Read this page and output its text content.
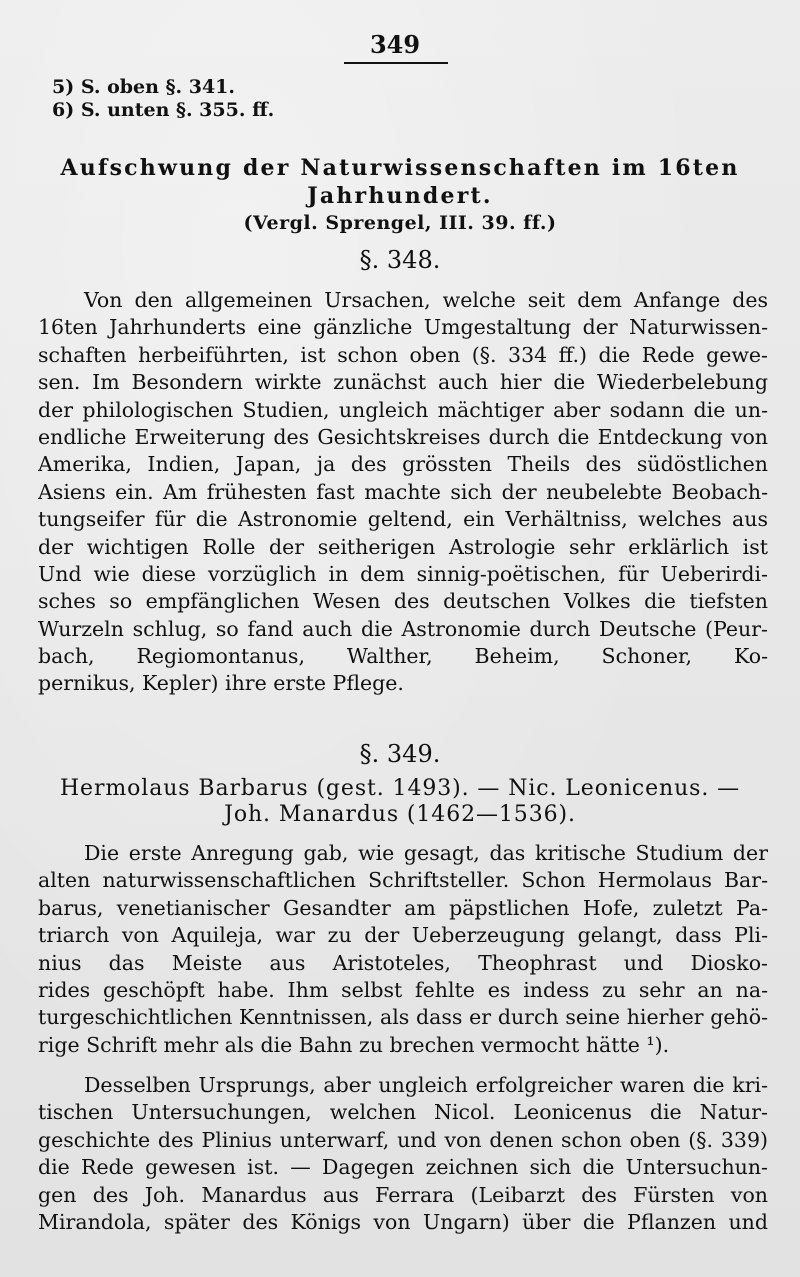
349
5) S. oben §. 341.
6) S. unten §. 355. ff.
Aufschwung der Naturwissenschaften im 16ten
Jahrhundert.
(Vergl. Sprengel, III. 39. ff.)
§. 348.
Von den allgemeinen Ursachen, welche seit dem Anfange des
16ten Jahrhunderts eine gänzliche Umgestaltung der Naturwissen-
schaften herbeiführten, ist schon oben (§. 334 ff.) die Rede gewe-
sen. Im Besondern wirkte zunächst auch hier die Wiederbelebung
der philologischen Studien, ungleich mächtiger aber sodann die un-
endliche Erweiterung des Gesichtskreises durch die Entdeckung von
Amerika, Indien, Japan, ja des grössten Theils des südöstlichen
Asiens ein. Am frühesten fast machte sich der neubelebte Beobach-
tungseifer für die Astronomie geltend, ein Verhältniss, welches aus
der wichtigen Rolle der seitherigen Astrologie sehr erklärlich ist
Und wie diese vorzüglich in dem sinnig-poëtischen, für Ueberirdi-
sches so empfänglichen Wesen des deutschen Volkes die tiefsten
Wurzeln schlug, so fand auch die Astronomie durch Deutsche (Peur-
bach, Regiomontanus, Walther, Beheim, Schoner, Ko-
pernikus, Kepler) ihre erste Pflege.
§. 349.
Hermolaus Barbarus (gest. 1493). — Nic. Leonicenus. —
Joh. Manardus (1462—1536).
Die erste Anregung gab, wie gesagt, das kritische Studium der
alten naturwissenschaftlichen Schriftsteller. Schon Hermolaus Bar-
barus, venetianischer Gesandter am päpstlichen Hofe, zuletzt Pa-
triarch von Aquileja, war zu der Ueberzeugung gelangt, dass Pli-
nius das Meiste aus Aristoteles, Theophrast und Diosko-
rides geschöpft habe. Ihm selbst fehlte es indess zu sehr an na-
turgeschichtlichen Kenntnissen, als dass er durch seine hierher gehö-
rige Schrift mehr als die Bahn zu brechen vermocht hätte ¹).
Desselben Ursprungs, aber ungleich erfolgreicher waren die kri-
tischen Untersuchungen, welchen Nicol. Leonicenus die Natur-
geschichte des Plinius unterwarf, und von denen schon oben (§. 339)
die Rede gewesen ist. — Dagegen zeichnen sich die Untersuchun-
gen des Joh. Manardus aus Ferrara (Leibarzt des Fürsten von
Mirandola, später des Königs von Ungarn) über die Pflanzen und
